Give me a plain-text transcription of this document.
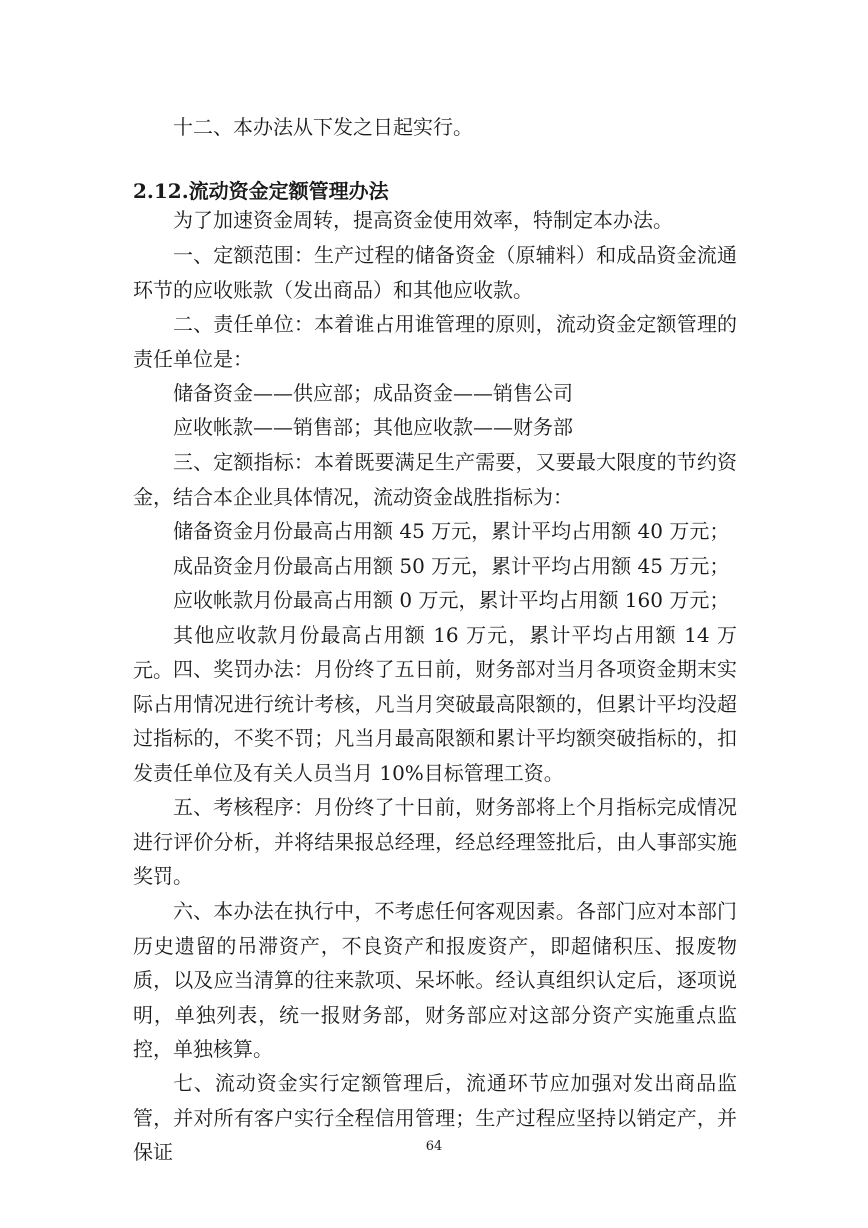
十二、本办法从下发之日起实行。

2.12.流动资金定额管理办法

为了加速资金周转，提高资金使用效率，特制定本办法。

一、定额范围：生产过程的储备资金（原辅料）和成品资金流通环节的应收账款（发出商品）和其他应收款。

二、责任单位：本着谁占用谁管理的原则，流动资金定额管理的责任单位是：

储备资金——供应部；成品资金——销售公司

应收帐款——销售部；其他应收款——财务部

三、定额指标：本着既要满足生产需要，又要最大限度的节约资金，结合本企业具体情况，流动资金战胜指标为：

储备资金月份最高占用额 45 万元，累计平均占用额 40 万元；

成品资金月份最高占用额 50 万元，累计平均占用额 45 万元；

应收帐款月份最高占用额 0 万元，累计平均占用额 160 万元；

其他应收款月份最高占用额 16 万元，累计平均占用额 14 万元。 四、奖罚办法：月份终了五日前，财务部对当月各项资金期末实际占用情况进行统计考核，凡当月突破最高限额的，但累计平均没超过指标的，不奖不罚；凡当月最高限额和累计平均额突破指标的，扣发责任单位及有关人员当月 10%目标管理工资。

五、考核程序：月份终了十日前，财务部将上个月指标完成情况进行评价分析，并将结果报总经理，经总经理签批后，由人事部实施奖罚。

六、本办法在执行中，不考虑任何客观因素。各部门应对本部门历史遗留的吊滞资产，不良资产和报废资产，即超储积压、报废物质，以及应当清算的往来款项、呆坏帐。经认真组织认定后，逐项说明，单独列表，统一报财务部，财务部应对这部分资产实施重点监控，单独核算。

七、流动资金实行定额管理后，流通环节应加强对发出商品监管，并对所有客户实行全程信用管理；生产过程应坚持以销定产，并保证	64
